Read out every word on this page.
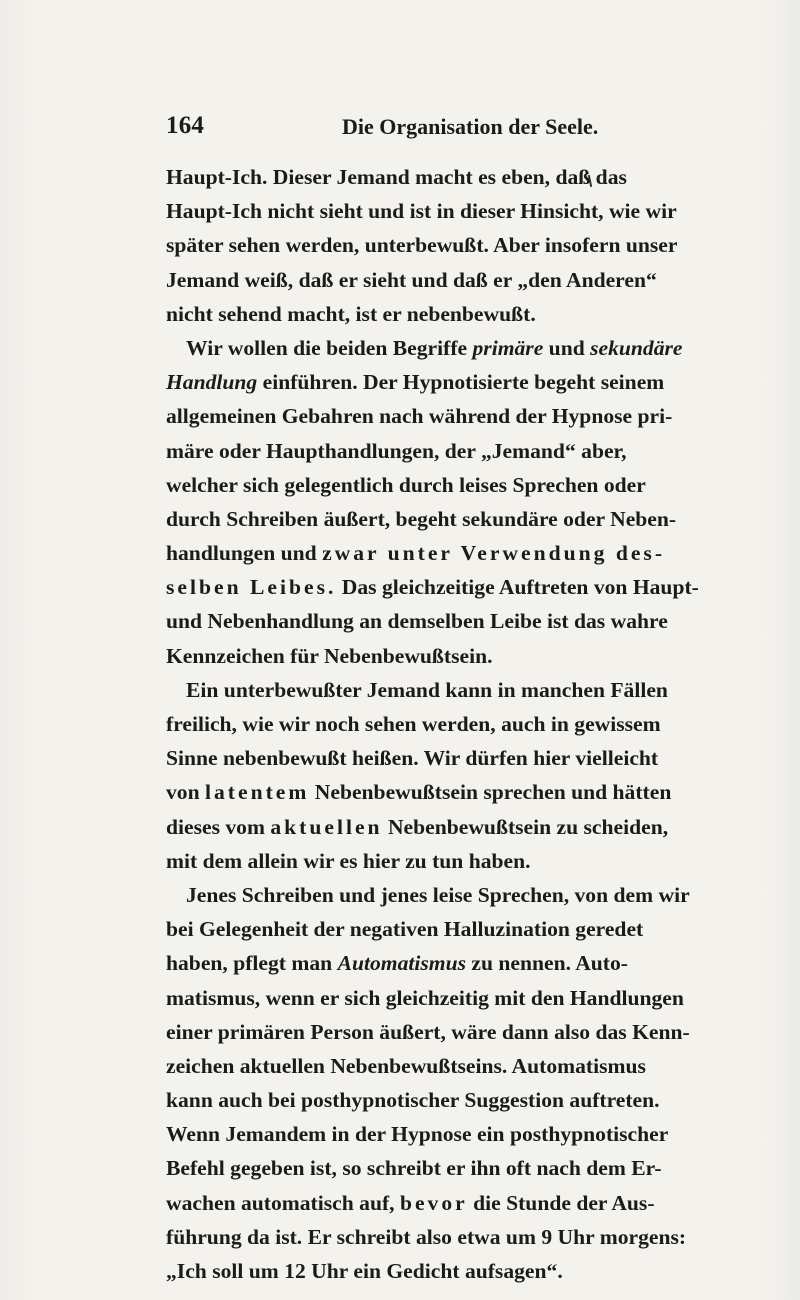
164	Die Organisation der Seele.
Haupt-Ich. Dieser Jemand macht es eben, daß das
Haupt-Ich nicht sieht und ist in dieser Hinsicht, wie wir
später sehen werden, unterbewußt. Aber insofern unser
Jemand weiß, daß er sieht und daß er „den Anderen“
nicht sehend macht, ist er nebenbewußt.
Wir wollen die beiden Begriffe primäre und sekundäre
Handlung einführen. Der Hypnotisierte begeht seinem
allgemeinen Gebahren nach während der Hypnose pri-
märe oder Haupthandlungen, der „Jemand“ aber,
welcher sich gelegentlich durch leises Sprechen oder
durch Schreiben äußert, begeht sekundäre oder Neben-
handlungen und zwar unter Verwendung des-
selben Leibes. Das gleichzeitige Auftreten von Haupt-
und Nebenhandlung an demselben Leibe ist das wahre
Kennzeichen für Nebenbewußtsein.
Ein unterbewußter Jemand kann in manchen Fällen
freilich, wie wir noch sehen werden, auch in gewissem
Sinne nebenbewußt heißen. Wir dürfen hier vielleicht
von latentem Nebenbewußtsein sprechen und hätten
dieses vom aktuellen Nebenbewußtsein zu scheiden,
mit dem allein wir es hier zu tun haben.
Jenes Schreiben und jenes leise Sprechen, von dem wir
bei Gelegenheit der negativen Halluzination geredet
haben, pflegt man Automatismus zu nennen. Auto-
matismus, wenn er sich gleichzeitig mit den Handlungen
einer primären Person äußert, wäre dann also das Kenn-
zeichen aktuellen Nebenbewußtseins. Automatismus
kann auch bei posthypnotischer Suggestion auftreten.
Wenn Jemandem in der Hypnose ein posthypnotischer
Befehl gegeben ist, so schreibt er ihn oft nach dem Er-
wachen automatisch auf, bevor die Stunde der Aus-
führung da ist. Er schreibt also etwa um 9 Uhr morgens:
„Ich soll um 12 Uhr ein Gedicht aufsagen“.
